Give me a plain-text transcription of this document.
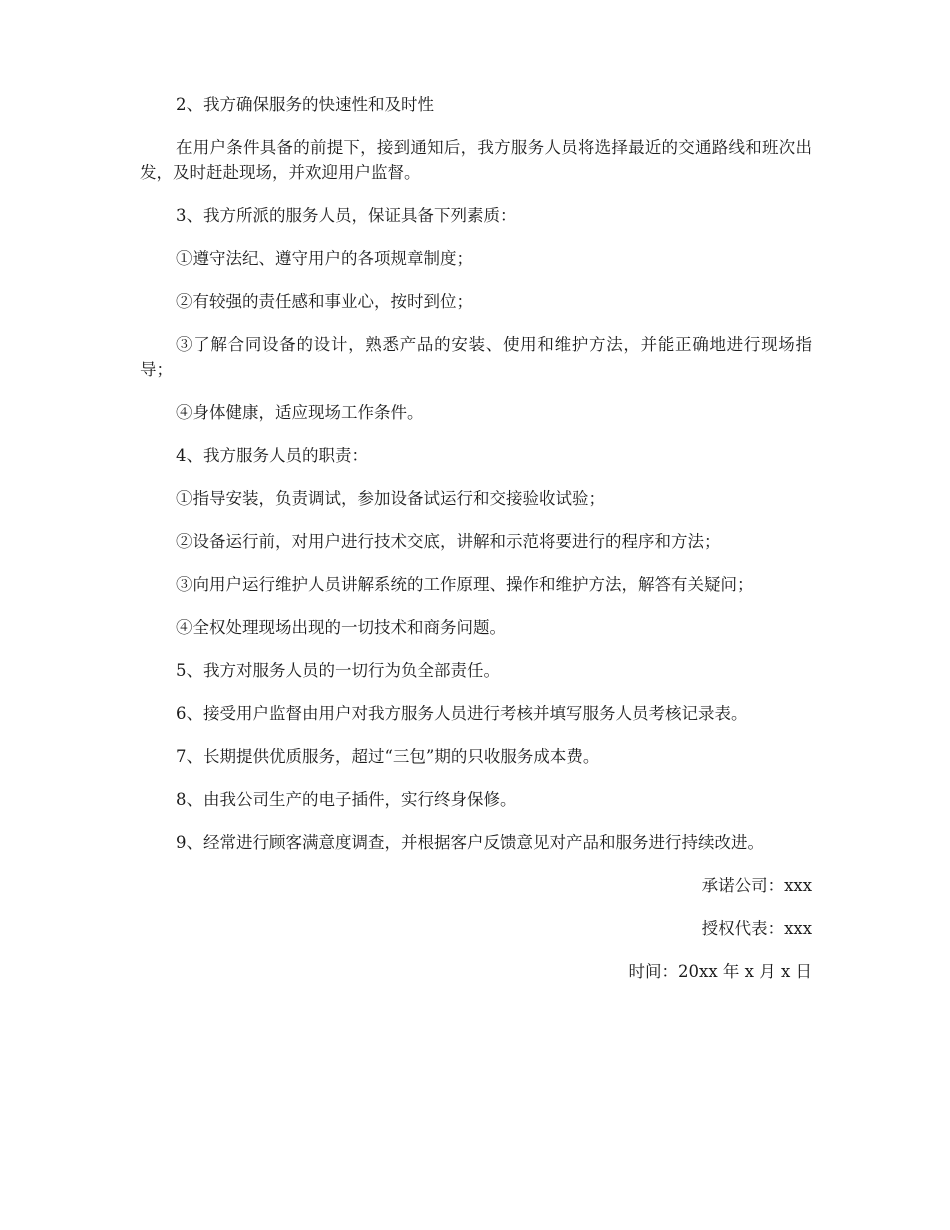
2、我方确保服务的快速性和及时性

在用户条件具备的前提下，接到通知后，我方服务人员将选择最近的交通路线和班次出发，及时赶赴现场，并欢迎用户监督。

3、我方所派的服务人员，保证具备下列素质：

①遵守法纪、遵守用户的各项规章制度；

②有较强的责任感和事业心，按时到位；

③了解合同设备的设计，熟悉产品的安装、使用和维护方法，并能正确地进行现场指导；

④身体健康，适应现场工作条件。

4、我方服务人员的职责：

①指导安装，负责调试，参加设备试运行和交接验收试验；

②设备运行前，对用户进行技术交底，讲解和示范将要进行的程序和方法；

③向用户运行维护人员讲解系统的工作原理、操作和维护方法，解答有关疑问；

④全权处理现场出现的一切技术和商务问题。

5、我方对服务人员的一切行为负全部责任。

6、接受用户监督由用户对我方服务人员进行考核并填写服务人员考核记录表。

7、长期提供优质服务，超过“三包”期的只收服务成本费。

8、由我公司生产的电子插件，实行终身保修。

9、经常进行顾客满意度调查，并根据客户反馈意见对产品和服务进行持续改进。

承诺公司：xxx
授权代表：xxx
时间：20xx 年 x 月 x 日
